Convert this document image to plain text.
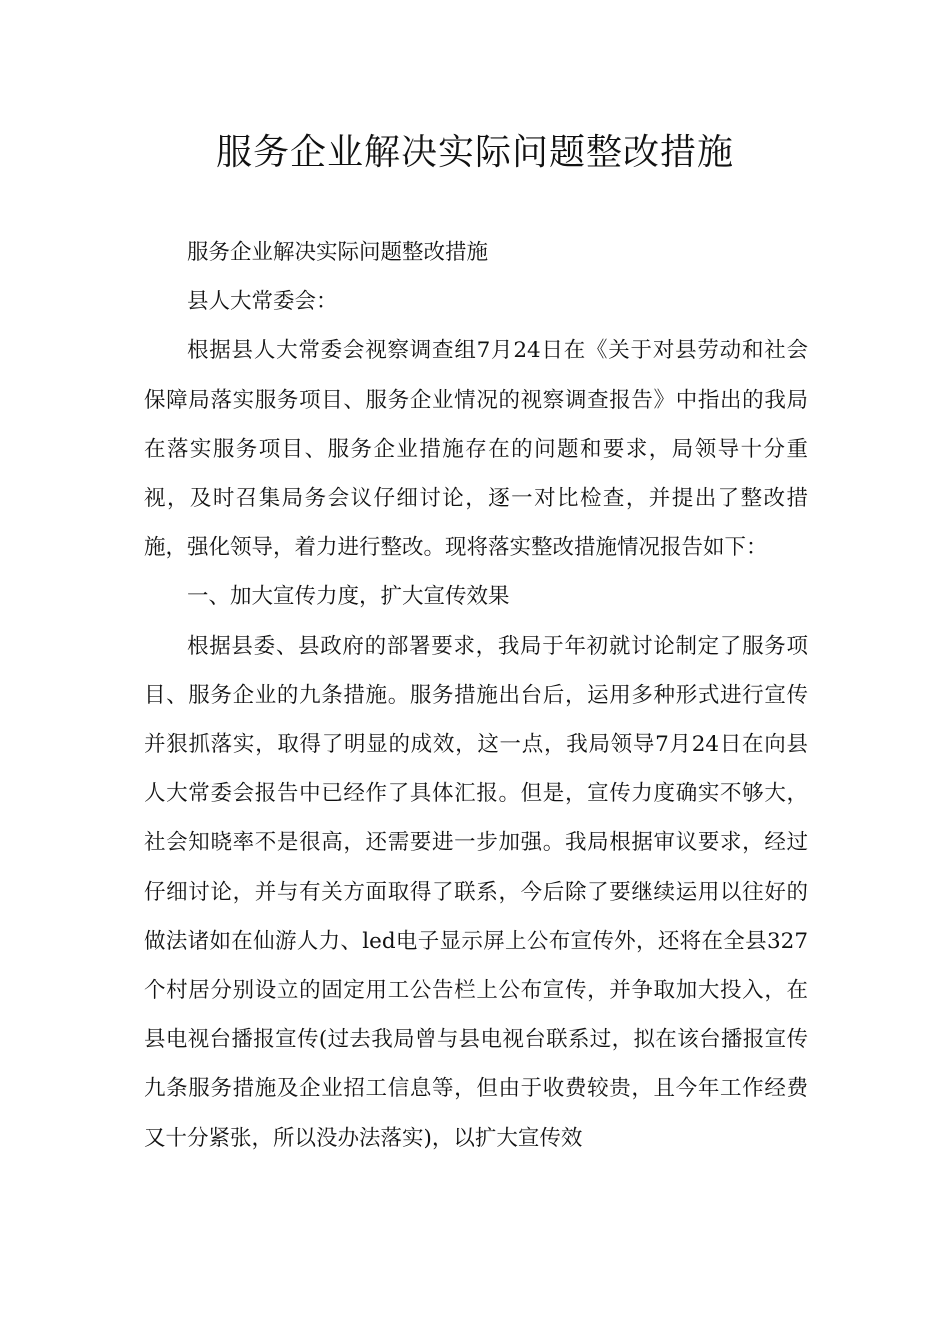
服务企业解决实际问题整改措施

服务企业解决实际问题整改措施

县人大常委会：

根据县人大常委会视察调查组7月24日在《关于对县劳动和社会保障局落实服务项目、服务企业情况的视察调查报告》中指出的我局在落实服务项目、服务企业措施存在的问题和要求，局领导十分重视，及时召集局务会议仔细讨论，逐一对比检查，并提出了整改措施，强化领导，着力进行整改。现将落实整改措施情况报告如下：

一、加大宣传力度，扩大宣传效果

根据县委、县政府的部署要求，我局于年初就讨论制定了服务项目、服务企业的九条措施。服务措施出台后，运用多种形式进行宣传并狠抓落实，取得了明显的成效，这一点，我局领导7月24日在向县人大常委会报告中已经作了具体汇报。但是，宣传力度确实不够大，社会知晓率不是很高，还需要进一步加强。我局根据审议要求，经过仔细讨论，并与有关方面取得了联系，今后除了要继续运用以往好的做法诸如在仙游人力、led电子显示屏上公布宣传外，还将在全县327个村居分别设立的固定用工公告栏上公布宣传，并争取加大投入，在县电视台播报宣传(过去我局曾与县电视台联系过，拟在该台播报宣传九条服务措施及企业招工信息等，但由于收费较贵，且今年工作经费又十分紧张，所以没办法落实)，以扩大宣传效
